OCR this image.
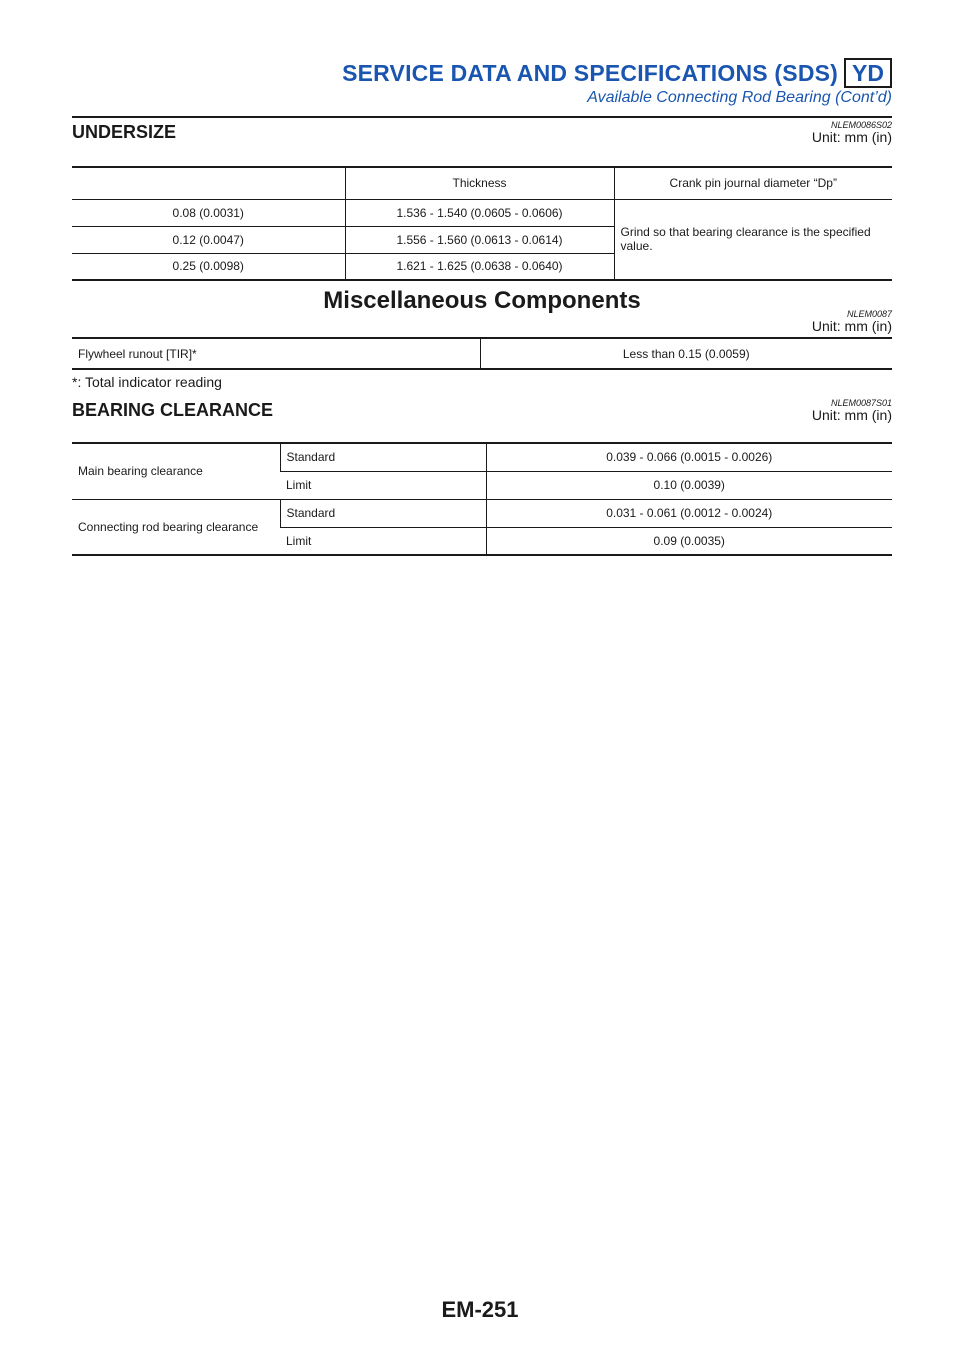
SERVICE DATA AND SPECIFICATIONS (SDS) YD
Available Connecting Rod Bearing (Cont’d)
UNDERSIZE	NLEM0086S02
Unit: mm (in)
	Thickness	Crank pin journal diameter “Dp”
0.08 (0.0031)	1.536 - 1.540 (0.0605 - 0.0606)	Grind so that bearing clearance is the specified value.
0.12 (0.0047)	1.556 - 1.560 (0.0613 - 0.0614)	
0.25 (0.0098)	1.621 - 1.625 (0.0638 - 0.0640)	
Miscellaneous Components	NLEM0087
Unit: mm (in)
Flywheel runout [TIR]*	Less than 0.15 (0.0059)
*: Total indicator reading
BEARING CLEARANCE	NLEM0087S01
Unit: mm (in)
Main bearing clearance	Standard	0.039 - 0.066 (0.0015 - 0.0026)
	Limit	0.10 (0.0039)
Connecting rod bearing clearance	Standard	0.031 - 0.061 (0.0012 - 0.0024)
	Limit	0.09 (0.0035)
EM-251
